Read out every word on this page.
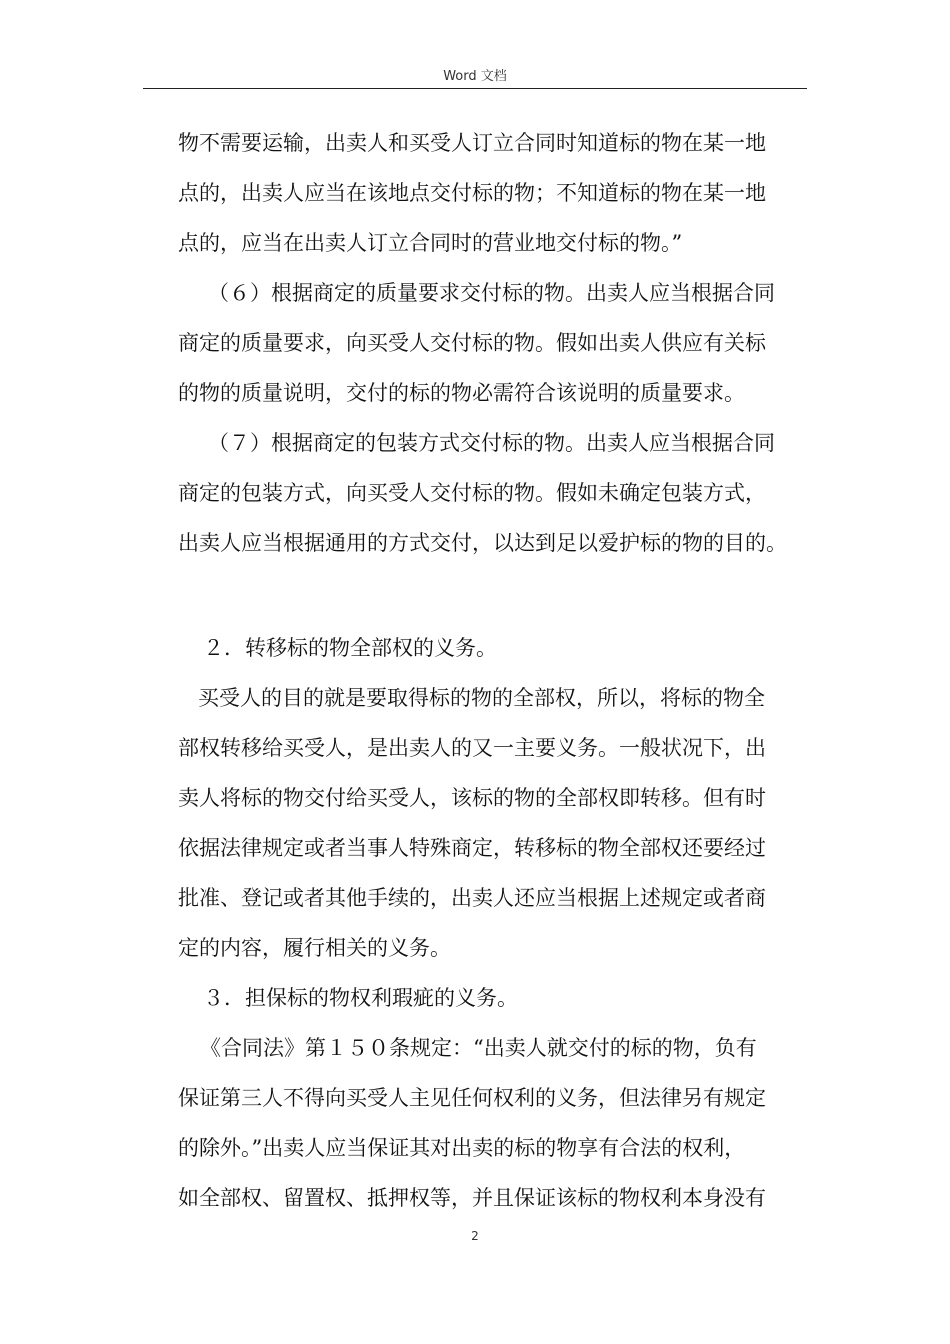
Word 文档
物不需要运输，出卖人和买受人订立合同时知道标的物在某一地
点的，出卖人应当在该地点交付标的物；不知道标的物在某一地
点的，应当在出卖人订立合同时的营业地交付标的物。”
（６）根据商定的质量要求交付标的物。出卖人应当根据合同
商定的质量要求，向买受人交付标的物。假如出卖人供应有关标
的物的质量说明，交付的标的物必需符合该说明的质量要求。
（７）根据商定的包装方式交付标的物。出卖人应当根据合同
商定的包装方式，向买受人交付标的物。假如未确定包装方式，
出卖人应当根据通用的方式交付，以达到足以爱护标的物的目的。
２．转移标的物全部权的义务。
买受人的目的就是要取得标的物的全部权，所以，将标的物全
部权转移给买受人，是出卖人的又一主要义务。一般状况下，出
卖人将标的物交付给买受人，该标的物的全部权即转移。但有时
依据法律规定或者当事人特殊商定，转移标的物全部权还要经过
批准、登记或者其他手续的，出卖人还应当根据上述规定或者商
定的内容，履行相关的义务。
３．担保标的物权利瑕疵的义务。
《合同法》第１５０条规定：“出卖人就交付的标的物，负有
保证第三人不得向买受人主见任何权利的义务，但法律另有规定
的除外。”出卖人应当保证其对出卖的标的物享有合法的权利，
如全部权、留置权、抵押权等，并且保证该标的物权利本身没有
2
